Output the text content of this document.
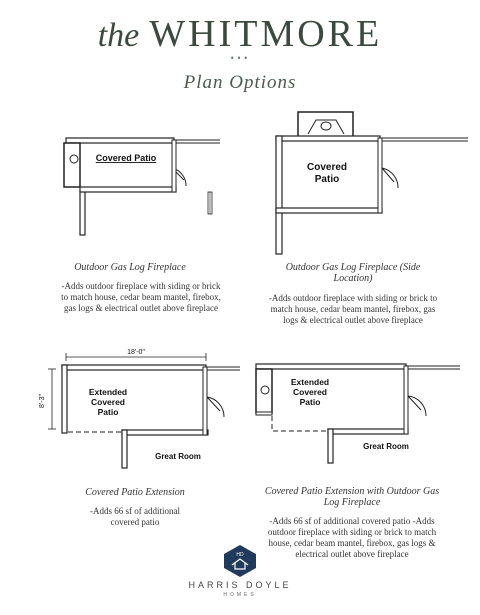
the WHITMORE
•••
Plan Options
Covered Patio
Covered
Patio
Outdoor Gas Log Fireplace
-Adds outdoor fireplace with siding or brick to match house, cedar beam mantel, firebox, gas logs & electrical outlet above fireplace
Outdoor Gas Log Fireplace (Side Location)
-Adds outdoor fireplace with siding or brick to match house, cedar beam mantel, firebox, gas logs & electrical outlet above fireplace
18'-0"
8'-3"
Extended
Covered
Patio
Great Room
Extended
Covered
Patio
Great Room
Covered Patio Extension
-Adds 66 sf of additional covered patio
Covered Patio Extension with Outdoor Gas Log Fireplace
-Adds 66 sf of additional covered patio -Adds outdoor fireplace with siding or brick to match house, cedar beam mantel, firebox, gas logs & electrical outlet above fireplace
HD
HARRIS DOYLE
HOMES
